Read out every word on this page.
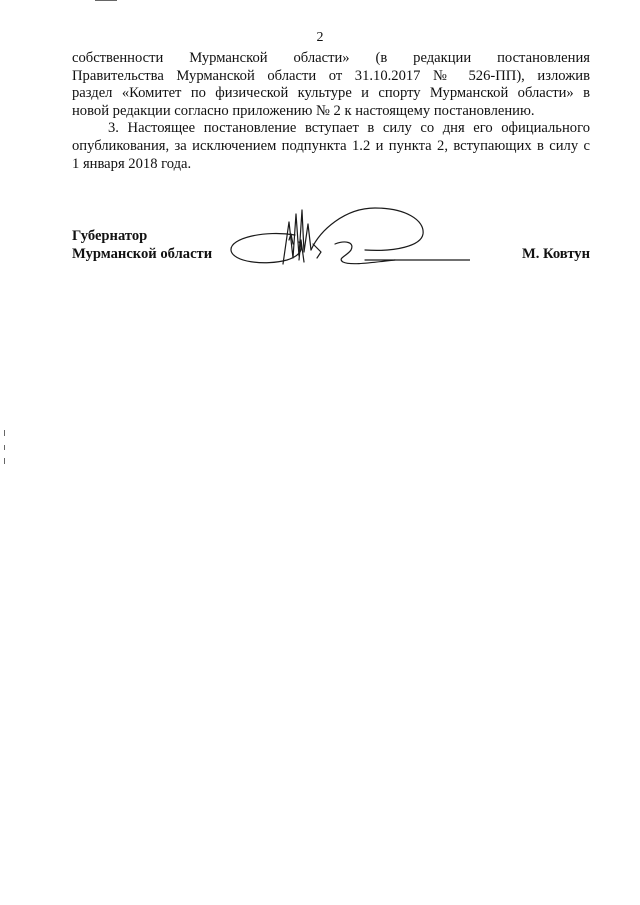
2
собственности Мурманской области» (в редакции постановления
Правительства Мурманской области от 31.10.2017 № 526-ПП), изложив
раздел «Комитет по физической культуре и спорту Мурманской области» в
новой редакции согласно приложению № 2 к настоящему постановлению.
3. Настоящее постановление вступает в силу со дня его официального
опубликования, за исключением подпункта 1.2 и пункта 2, вступающих в силу с
1 января 2018 года.
Губернатор
Мурманской области	М. Ковтун
